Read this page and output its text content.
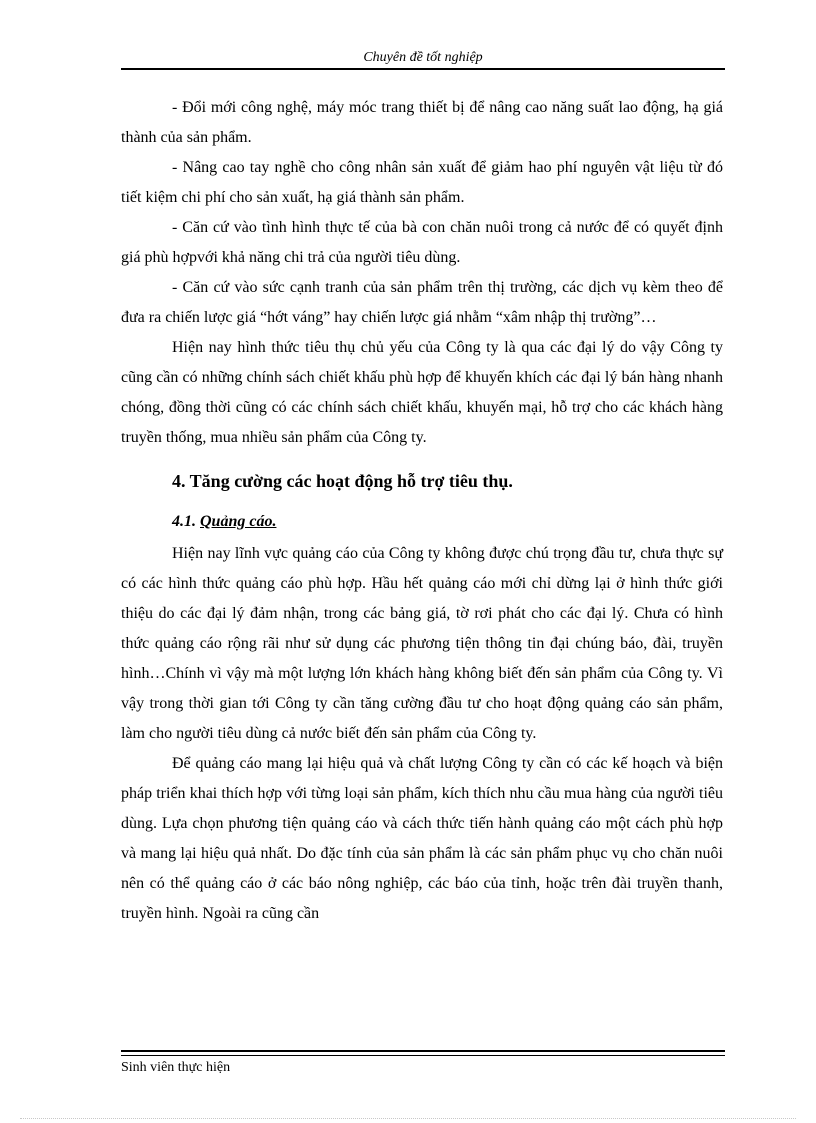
Chuyên đề tốt nghiệp

- Đổi mới công nghệ, máy móc trang thiết bị để nâng cao năng suất lao động, hạ giá thành của sản phẩm.

- Nâng cao tay nghề cho công nhân sản xuất để giảm hao phí nguyên vật liệu từ đó tiết kiệm chi phí cho sản xuất, hạ giá thành sản phẩm.

- Căn cứ vào tình hình thực tế của bà con chăn nuôi trong cả nước để có quyết định giá phù hợpvới khả năng chi trả của người tiêu dùng.

- Căn cứ vào sức cạnh tranh của sản phẩm trên thị trường, các dịch vụ kèm theo để đưa ra chiến lược giá “hớt váng” hay chiến lược giá nhằm “xâm nhập thị trường”…

Hiện nay hình thức tiêu thụ chủ yếu của Công ty là qua các đại lý do vậy Công ty cũng cần có những chính sách chiết khấu phù hợp để khuyến khích các đại lý bán hàng nhanh chóng, đồng thời cũng có các chính sách chiết khấu, khuyến mại, hỗ trợ cho các khách hàng truyền thống, mua nhiều sản phẩm của Công ty.

4. Tăng cường các hoạt động hỗ trợ tiêu thụ.
4.1. Quảng cáo.

Hiện nay lĩnh vực quảng cáo của Công ty không được chú trọng đầu tư, chưa thực sự có các hình thức quảng cáo phù hợp. Hầu hết quảng cáo mới chỉ dừng lại ở hình thức giới thiệu do các đại lý đảm nhận, trong các bảng giá, tờ rơi phát cho các đại lý. Chưa có hình thức quảng cáo rộng rãi như sử dụng các phương tiện thông tin đại chúng báo, đài, truyền hình…Chính vì vậy mà một lượng lớn khách hàng không biết đến sản phẩm của Công ty. Vì vậy trong thời gian tới Công ty cần tăng cường đầu tư cho hoạt động quảng cáo sản phẩm, làm cho người tiêu dùng cả nước biết đến sản phẩm của Công ty.

Để quảng cáo mang lại hiệu quả và chất lượng Công ty cần có các kế hoạch và biện pháp triển khai thích hợp với từng loại sản phẩm, kích thích nhu cầu mua hàng của người tiêu dùng. Lựa chọn phương tiện quảng cáo và cách thức tiến hành quảng cáo một cách phù hợp và mang lại hiệu quả nhất. Do đặc tính của sản phẩm là các sản phẩm phục vụ cho chăn nuôi nên có thể quảng cáo ở các báo nông nghiệp, các báo của tỉnh, hoặc trên đài truyền thanh, truyền hình. Ngoài ra cũng cần

Sinh viên thực hiện
